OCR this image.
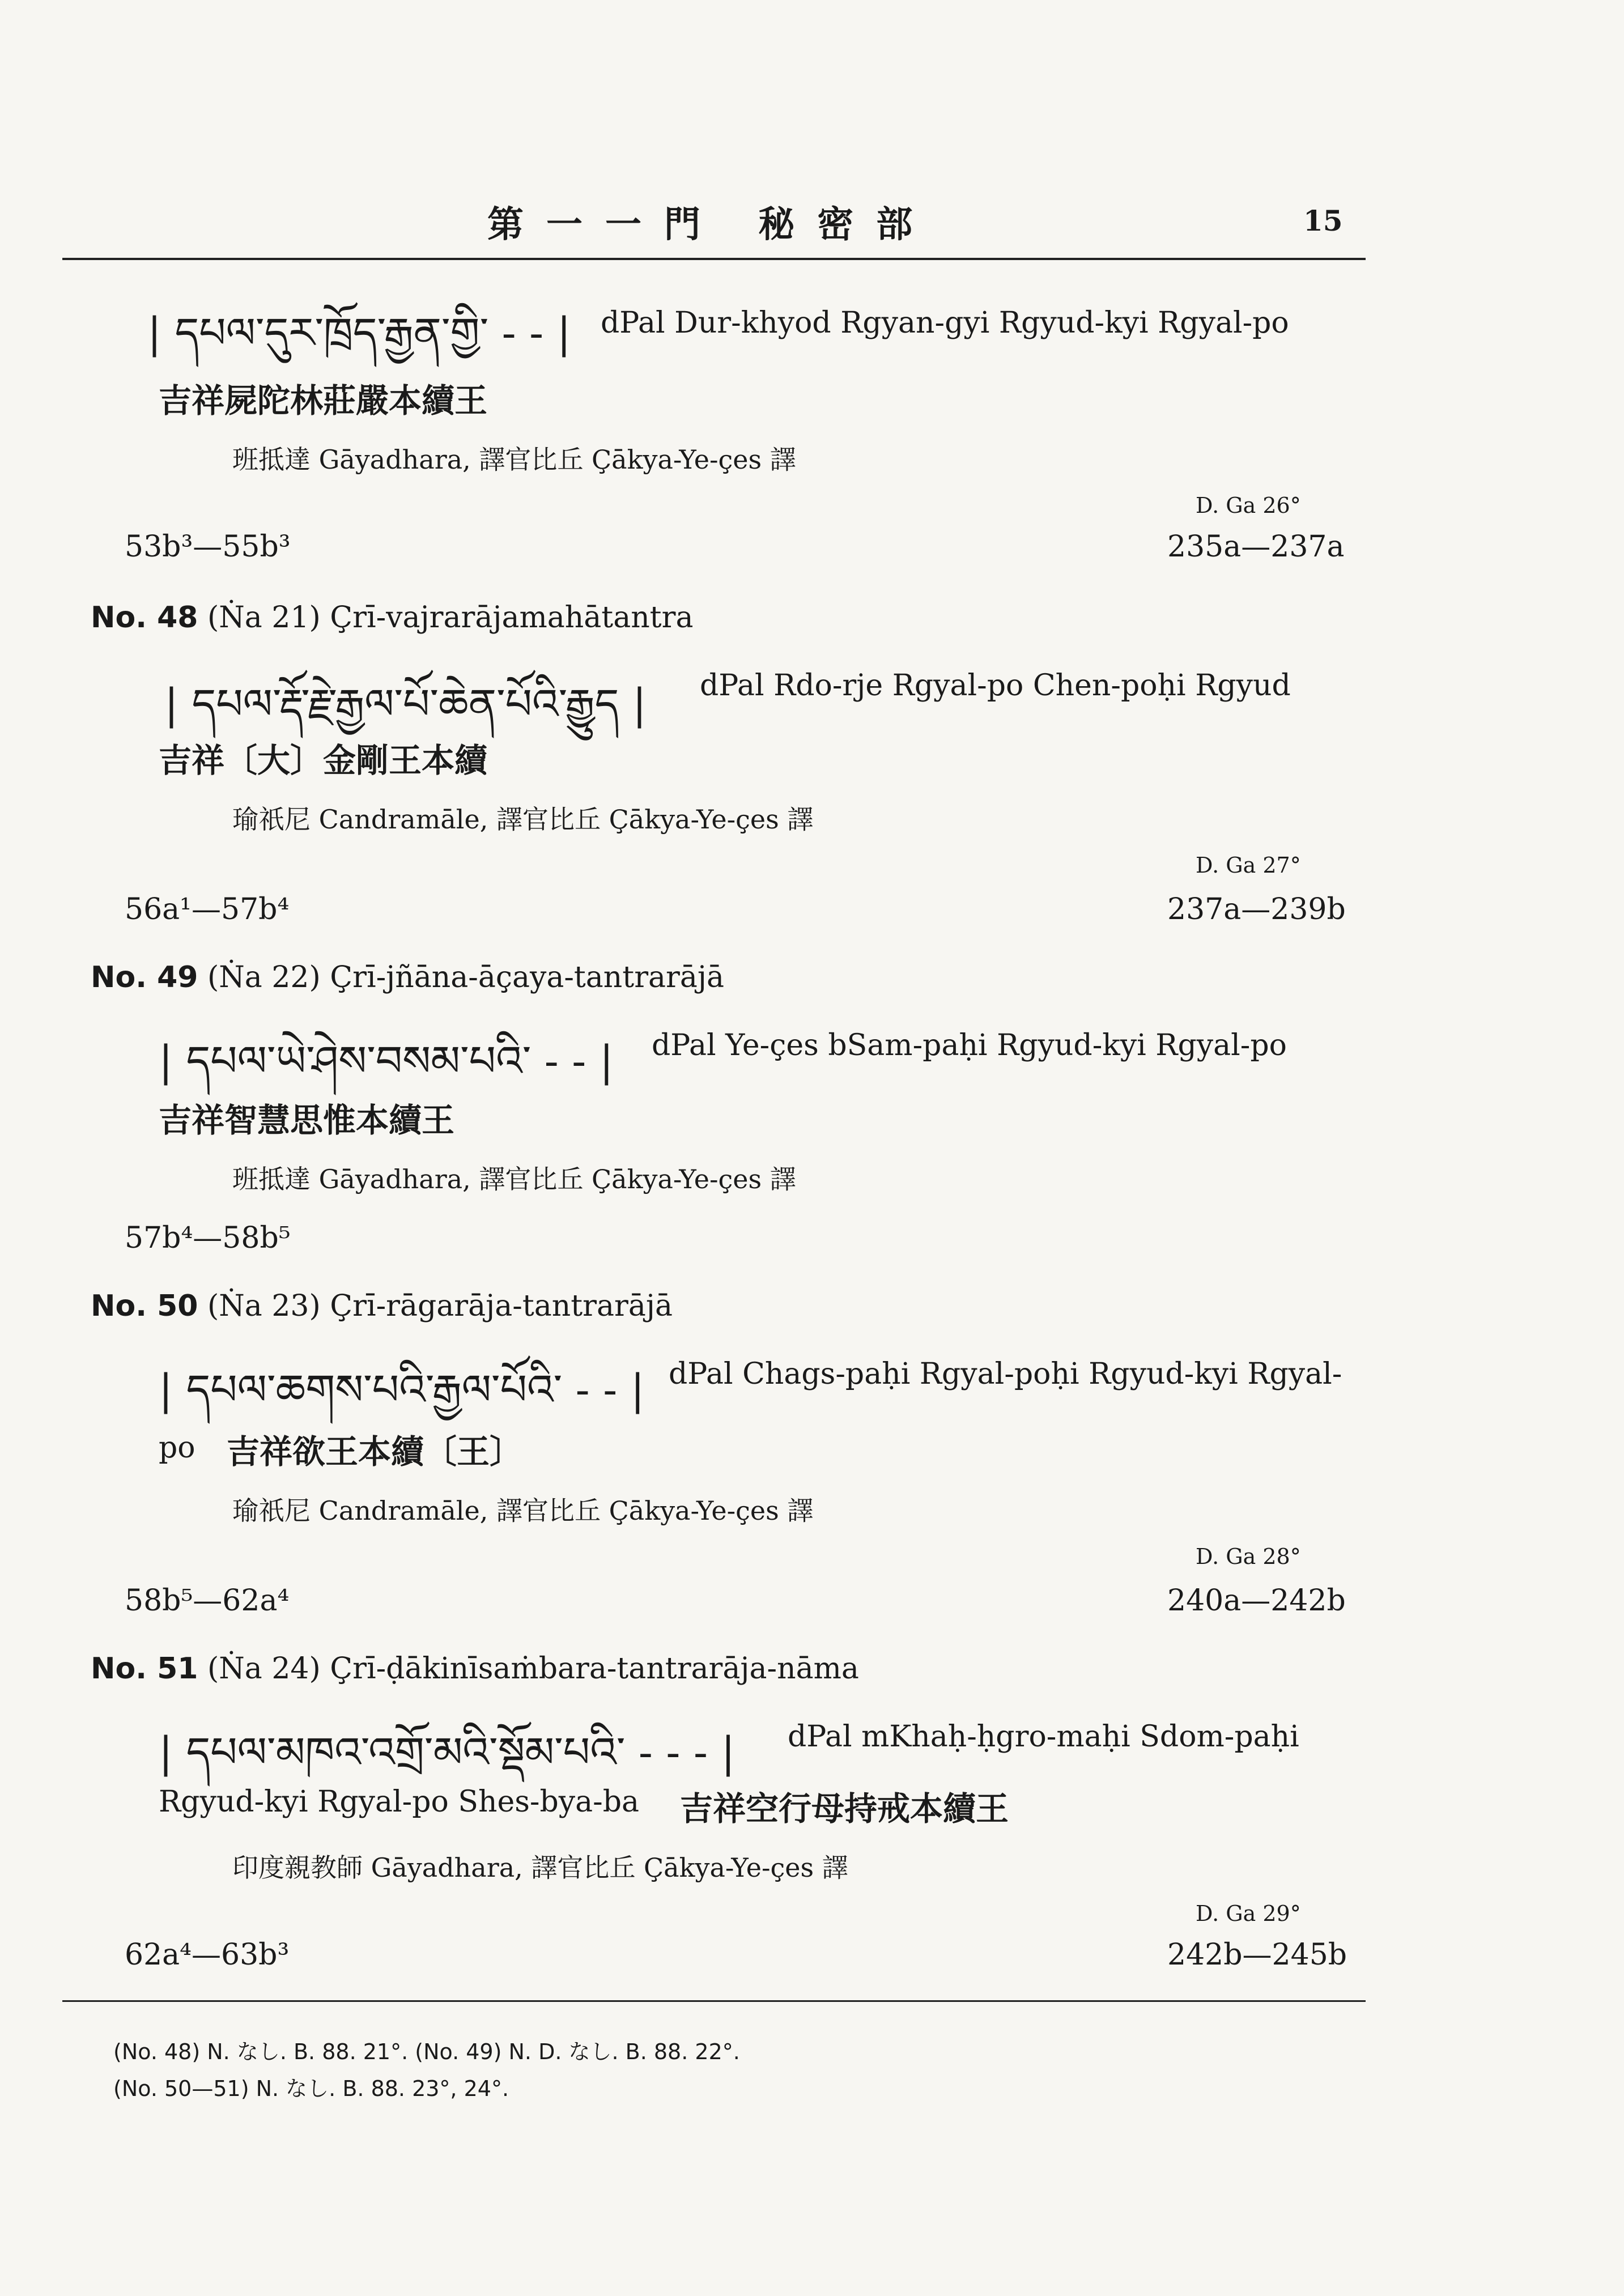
第一一門 秘密部	15
| དཔལ་དུར་ཁྲོད་རྒྱན་གྱི་ - - | dPal Dur-khyod Rgyan-gyi Rgyud-kyi Rgyal-po
吉祥屍陀林莊嚴本續王
班抵達 Gāyadhara, 譯官比丘 Çākya-Ye-çes 譯
D. Ga 26°
53b³—55b³	235a—237a
No. 48 (Ṅa 21) Çrī-vajrarājamahātantra
| དཔལ་རྡོ་རྗེ་རྒྱལ་པོ་ཆེན་པོའི་རྒྱུད | dPal Rdo-rje Rgyal-po Chen-poḥi Rgyud
吉祥〔大〕金剛王本續
瑜祇尼 Candramāle, 譯官比丘 Çākya-Ye-çes 譯
D. Ga 27°
56a¹—57b⁴	237a—239b
No. 49 (Ṅa 22) Çrī-jñāna-āçaya-tantrarājā
| དཔལ་ཡེ་ཤེས་བསམ་པའི་ - - | dPal Ye-çes bSam-paḥi Rgyud-kyi Rgyal-po
吉祥智慧思惟本續王
班抵達 Gāyadhara, 譯官比丘 Çākya-Ye-çes 譯
57b⁴—58b⁵
No. 50 (Ṅa 23) Çrī-rāgarāja-tantrarājā
| དཔལ་ཆགས་པའི་རྒྱལ་པོའི་ - - | dPal Chags-paḥi Rgyal-poḥi Rgyud-kyi Rgyal-
po 吉祥欲王本續〔王〕
瑜祇尼 Candramāle, 譯官比丘 Çākya-Ye-çes 譯
D. Ga 28°
58b⁵—62a⁴	240a—242b
No. 51 (Ṅa 24) Çrī-ḍākinīsaṁbara-tantrarāja-nāma
| དཔལ་མཁའ་འགྲོ་མའི་སྡོམ་པའི་ - - - | dPal mKhaḥ-ḥgro-maḥi Sdom-paḥi
Rgyud-kyi Rgyal-po Shes-bya-ba 吉祥空行母持戒本續王
印度親教師 Gāyadhara, 譯官比丘 Çākya-Ye-çes 譯
D. Ga 29°
62a⁴—63b³	242b—245b
(No. 48) N. なし. B. 88. 21°. (No. 49) N. D. なし. B. 88. 22°.
(No. 50—51) N. なし. B. 88. 23°, 24°.
